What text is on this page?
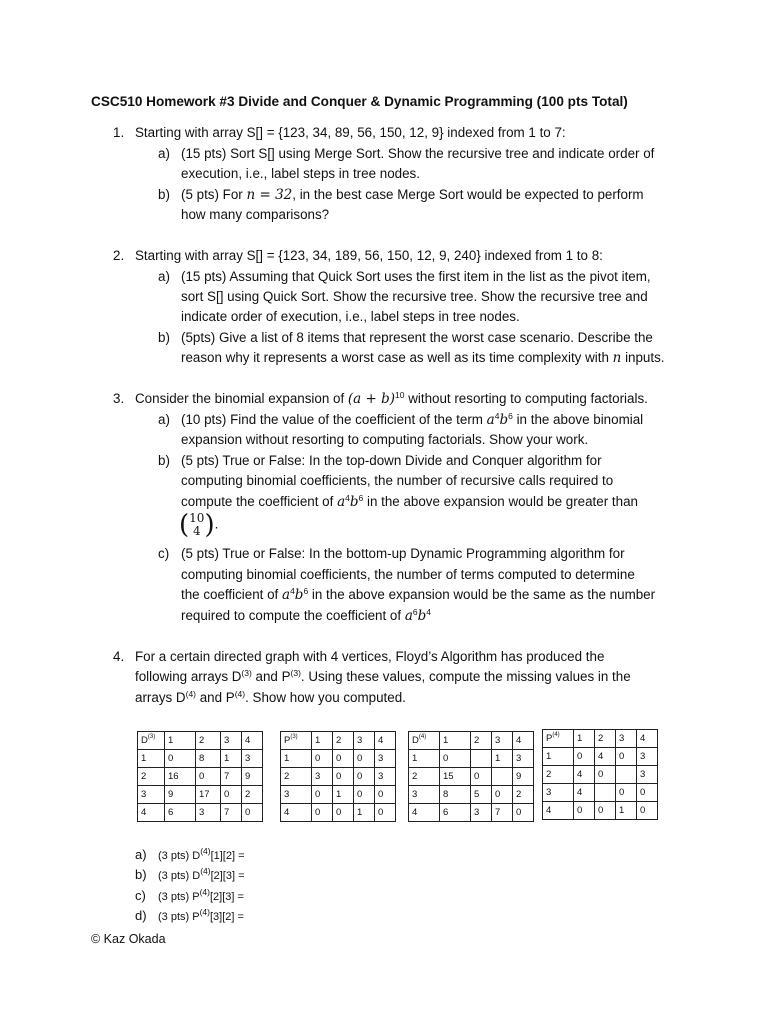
CSC510 Homework #3 Divide and Conquer & Dynamic Programming (100 pts Total)
1. Starting with array S[] = {123, 34, 89, 56, 150, 12, 9} indexed from 1 to 7:
a) (15 pts) Sort S[] using Merge Sort. Show the recursive tree and indicate order of
execution, i.e., label steps in tree nodes.
b) (5 pts) For n = 32, in the best case Merge Sort would be expected to perform
how many comparisons?
2. Starting with array S[] = {123, 34, 189, 56, 150, 12, 9, 240} indexed from 1 to 8:
a) (15 pts) Assuming that Quick Sort uses the first item in the list as the pivot item,
sort S[] using Quick Sort. Show the recursive tree. Show the recursive tree and
indicate order of execution, i.e., label steps in tree nodes.
b) (5pts) Give a list of 8 items that represent the worst case scenario. Describe the
reason why it represents a worst case as well as its time complexity with n inputs.
3. Consider the binomial expansion of $(a + b)^{10}$ without resorting to computing factorials.
a) (10 pts) Find the value of the coefficient of the term $a^4b^6$ in the above binomial
expansion without resorting to computing factorials. Show your work.
b) (5 pts) True or False: In the top-down Divide and Conquer algorithm for
computing binomial coefficients, the number of recursive calls required to
compute the coefficient of $a^4b^6$ in the above expansion would be greater than
(10
4 ).
c) (5 pts) True or False: In the bottom-up Dynamic Programming algorithm for
computing binomial coefficients, the number of terms computed to determine
the coefficient of $a^4b^6$ in the above expansion would be the same as the number
required to compute the coefficient of $a^6b^4$
4. For a certain directed graph with 4 vertices, Floyd’s Algorithm has produced the
following arrays $D^{(3)}$ and $P^{(3)}$. Using these values, compute the missing values in the
arrays $D^{(4)}$ and $P^{(4)}$. Show how you computed.
$D^{(3)}$	1	2	3	4
1	0	8	1	3
2	16	0	7	9
3	9	17	0	2
4	6	3	7	0
$P^{(3)}$	1	2	3	4
1	0	0	0	3
2	3	0	0	3
3	0	1	0	0
4	0	0	1	0
$D^{(4)}$	1	2	3	4
1	0		1	3
2	15	0		9
3	8	5	0	2
4	6	3	7	0
$P^{(4)}$	1	2	3	4
1	0	4	0	3
2	4	0		3
3	4		0	0
4	0	0	1	0
a) (3 pts) $D^{(4)}[1][2]$ =
b) (3 pts) $D^{(4)}[2][3]$ =
c) (3 pts) $P^{(4)}[2][3]$ =
d) (3 pts) $P^{(4)}[3][2]$ =
© Kaz Okada
